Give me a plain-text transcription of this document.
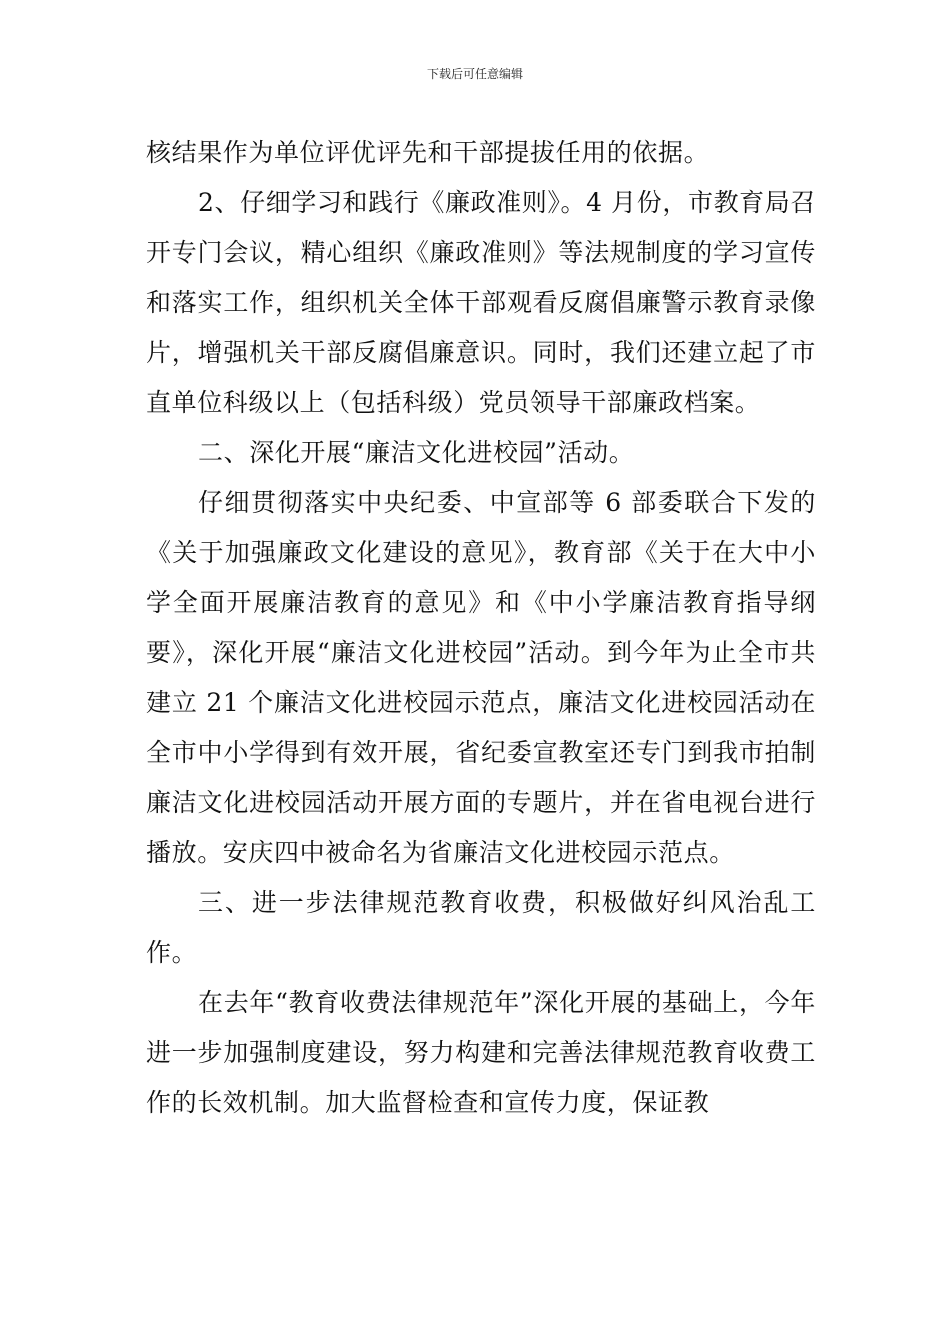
下载后可任意编辑

核结果作为单位评优评先和干部提拔任用的依据。

2、仔细学习和践行《廉政准则》。4 月份，市教育局召开专门会议，精心组织《廉政准则》等法规制度的学习宣传和落实工作，组织机关全体干部观看反腐倡廉警示教育录像片，增强机关干部反腐倡廉意识。同时，我们还建立起了市直单位科级以上（包括科级）党员领导干部廉政档案。

二、深化开展“廉洁文化进校园”活动。

仔细贯彻落实中央纪委、中宣部等 6 部委联合下发的《关于加强廉政文化建设的意见》，教育部《关于在大中小学全面开展廉洁教育的意见》和《中小学廉洁教育指导纲要》，深化开展“廉洁文化进校园”活动。到今年为止全市共建立 21 个廉洁文化进校园示范点，廉洁文化进校园活动在全市中小学得到有效开展，省纪委宣教室还专门到我市拍制廉洁文化进校园活动开展方面的专题片，并在省电视台进行播放。安庆四中被命名为省廉洁文化进校园示范点。

三、进一步法律规范教育收费，积极做好纠风治乱工作。

在去年“教育收费法律规范年”深化开展的基础上，今年进一步加强制度建设，努力构建和完善法律规范教育收费工作的长效机制。加大监督检查和宣传力度，保证教
